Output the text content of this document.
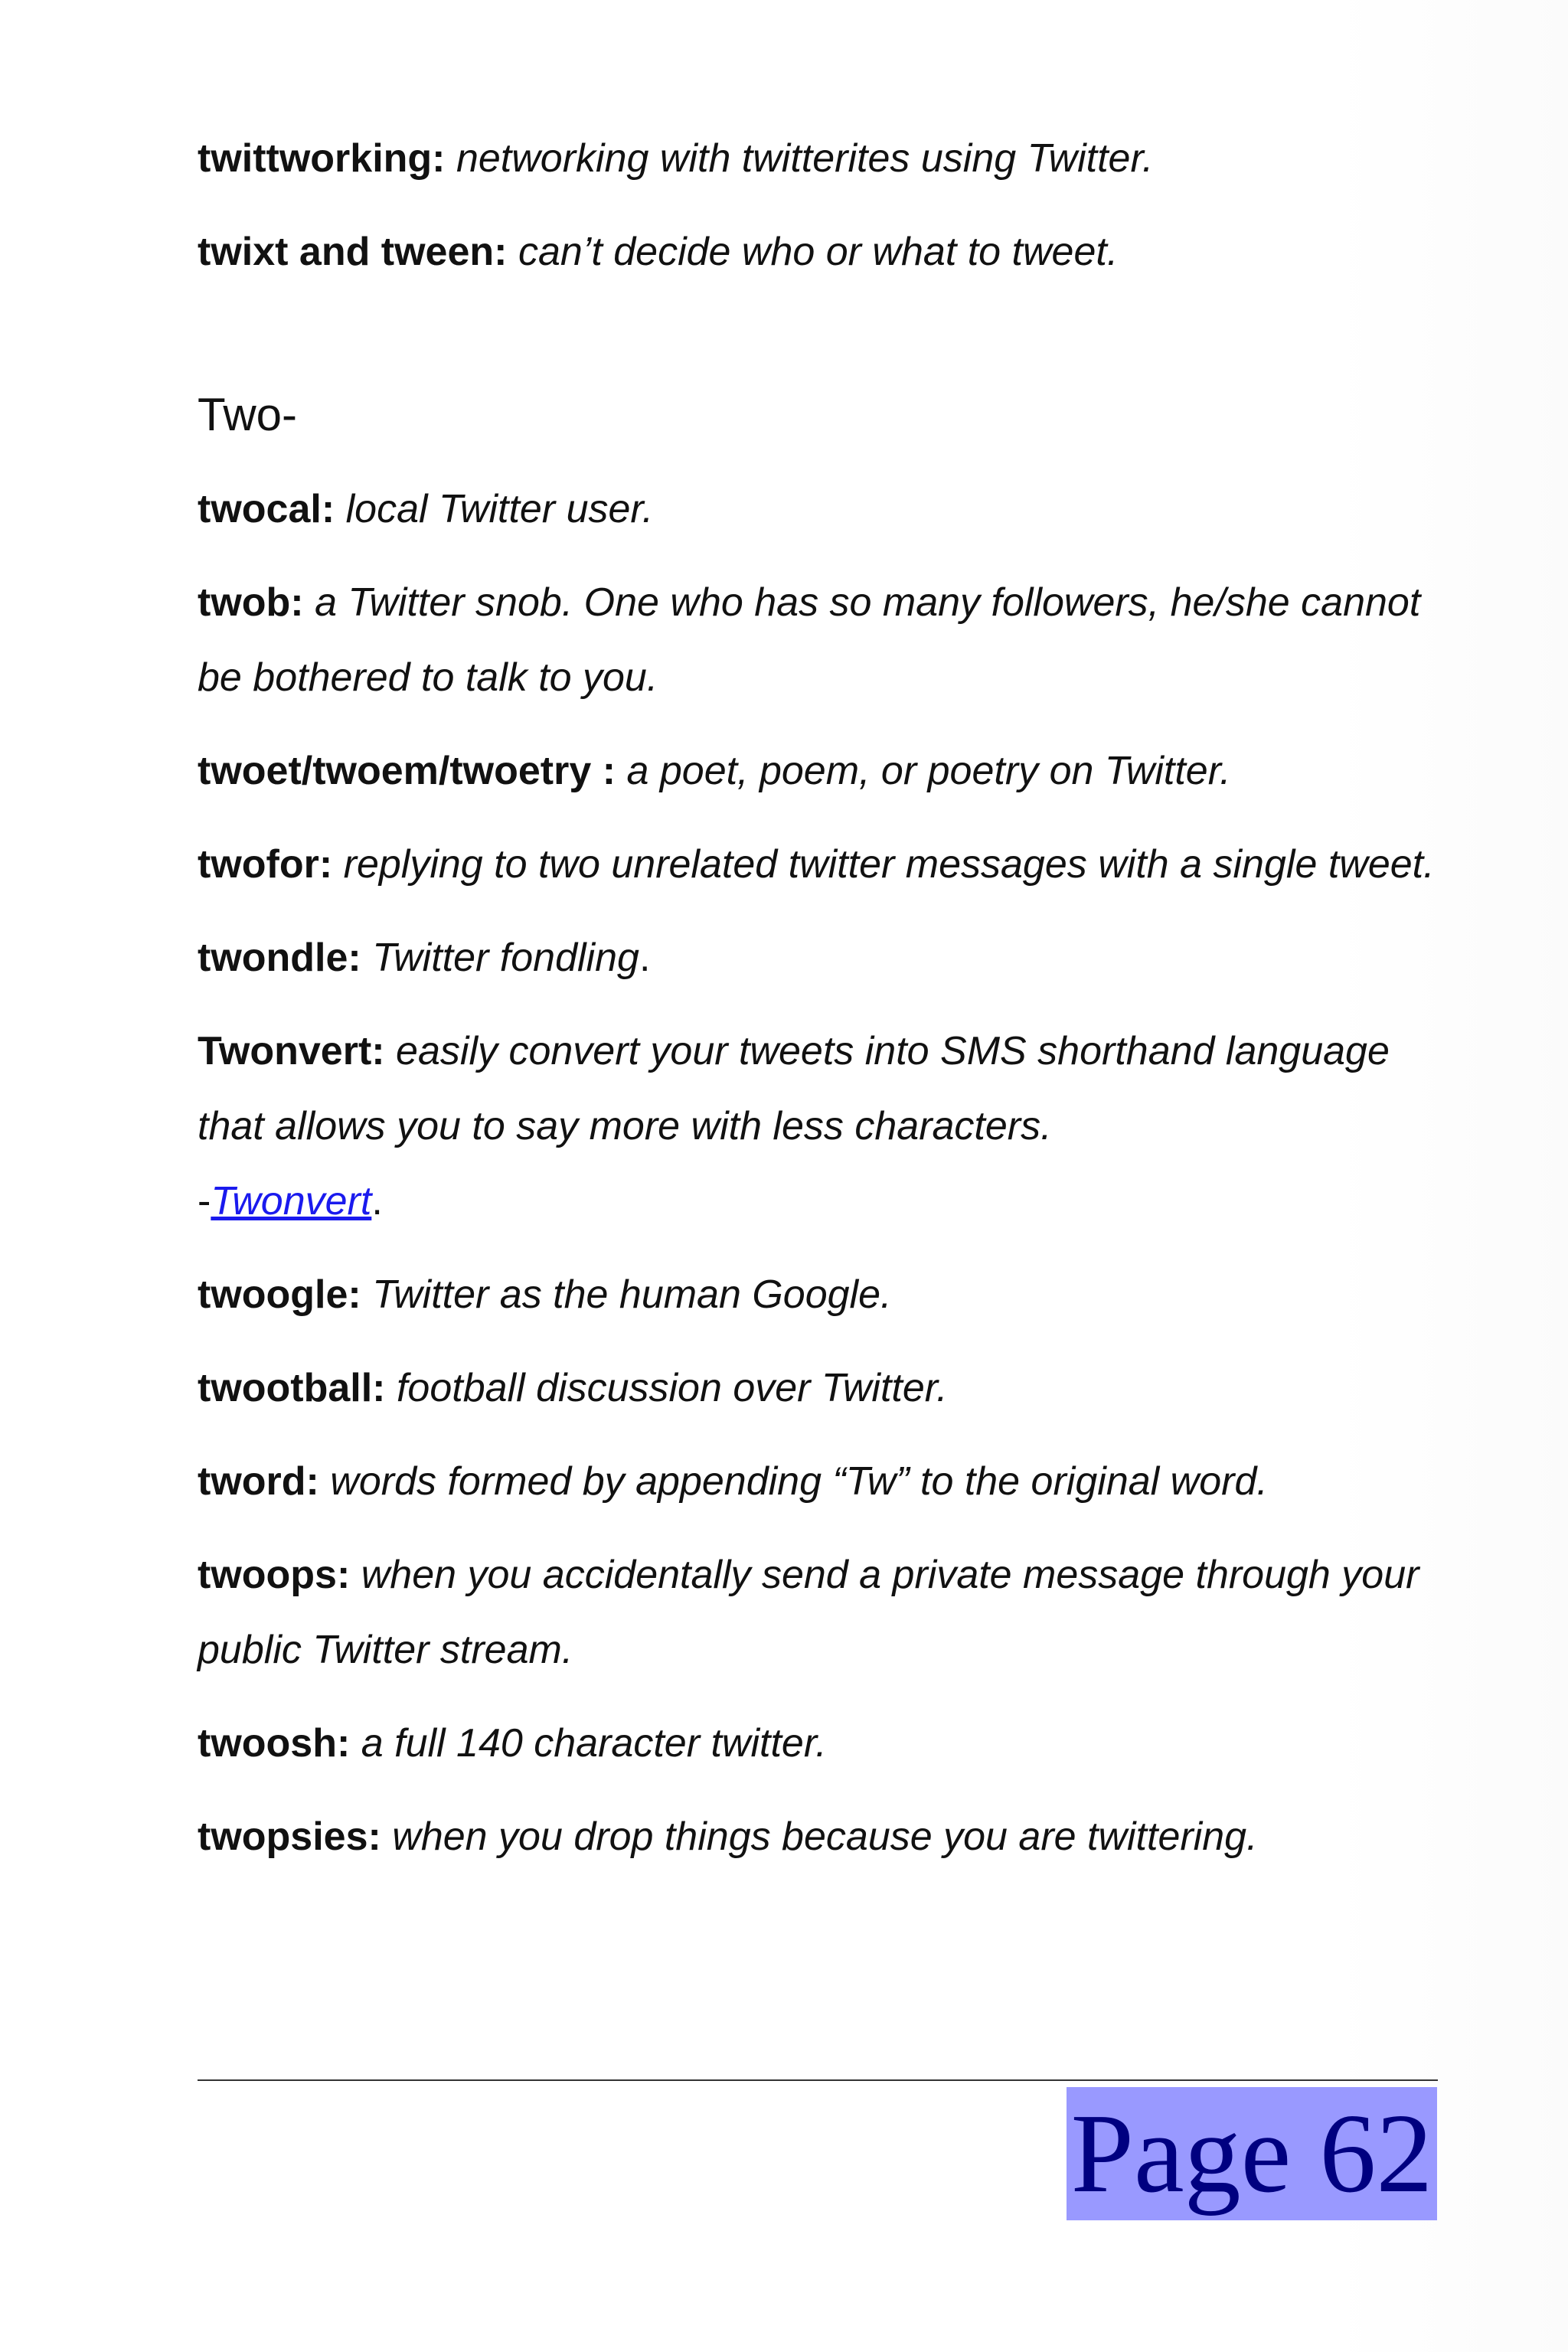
twittworking: networking with twitterites using Twitter.

twixt and tween: can’t decide who or what to tweet.

Two-

twocal: local Twitter user.

twob: a Twitter snob. One who has so many followers, he/she cannot be bothered to talk to you.

twoet/twoem/twoetry : a poet, poem, or poetry on Twitter.

twofor: replying to two unrelated twitter messages with a single tweet.

twondle: Twitter fondling.

Twonvert: easily convert your tweets into SMS shorthand language that allows you to say more with less characters.
-Twonvert.

twoogle: Twitter as the human Google.

twootball: football discussion over Twitter.

tword: words formed by appending “Tw” to the original word.

twoops: when you accidentally send a private message through your public Twitter stream.

twoosh: a full 140 character twitter.

twopsies: when you drop things because you are twittering.

Page 62
